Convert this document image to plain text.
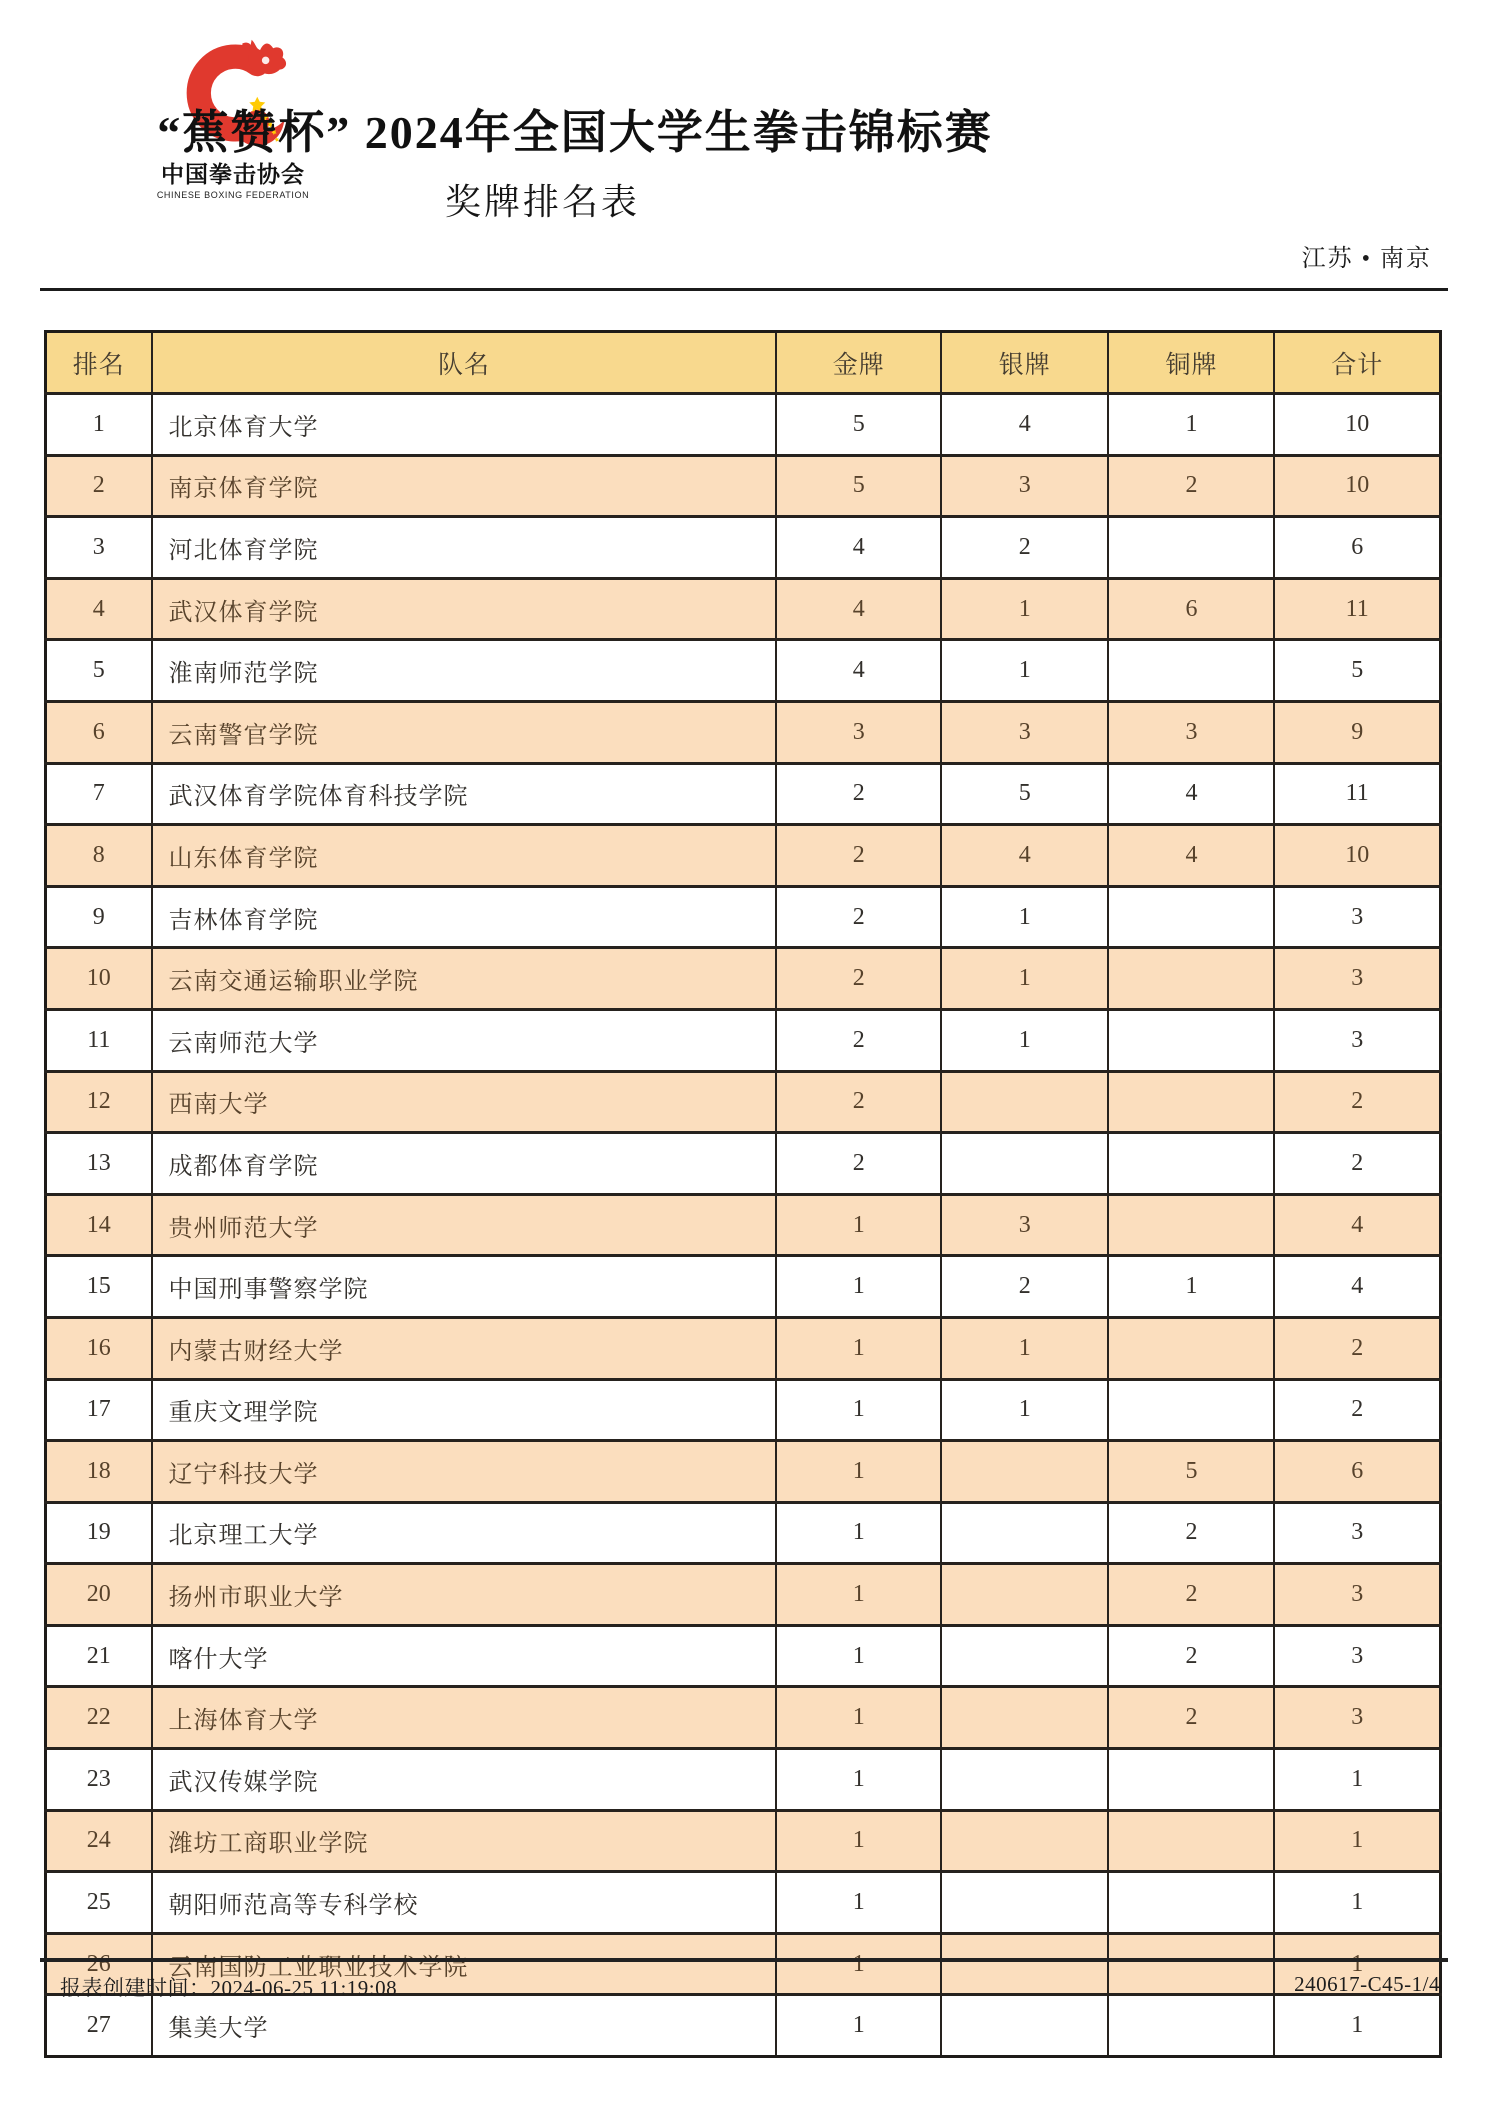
中国拳击协会
CHINESE BOXING FEDERATION
“蕉赞杯” 2024年全国大学生拳击锦标赛
奖牌排名表
江苏 • 南京
排名	队名	金牌	银牌	铜牌	合计
1	北京体育大学	5	4	1	10
2	南京体育学院	5	3	2	10
3	河北体育学院	4	2		6
4	武汉体育学院	4	1	6	11
5	淮南师范学院	4	1		5
6	云南警官学院	3	3	3	9
7	武汉体育学院体育科技学院	2	5	4	11
8	山东体育学院	2	4	4	10
9	吉林体育学院	2	1		3
10	云南交通运输职业学院	2	1		3
11	云南师范大学	2	1		3
12	西南大学	2			2
13	成都体育学院	2			2
14	贵州师范大学	1	3		4
15	中国刑事警察学院	1	2	1	4
16	内蒙古财经大学	1	1		2
17	重庆文理学院	1	1		2
18	辽宁科技大学	1		5	6
19	北京理工大学	1		2	3
20	扬州市职业大学	1		2	3
21	喀什大学	1		2	3
22	上海体育大学	1		2	3
23	武汉传媒学院	1			1
24	潍坊工商职业学院	1			1
25	朝阳师范高等专科学校	1			1
26	云南国防工业职业技术学院	1			1
27	集美大学	1			1
报表创建时间：2024-06-25 11:19:08	240617-C45-1/4
